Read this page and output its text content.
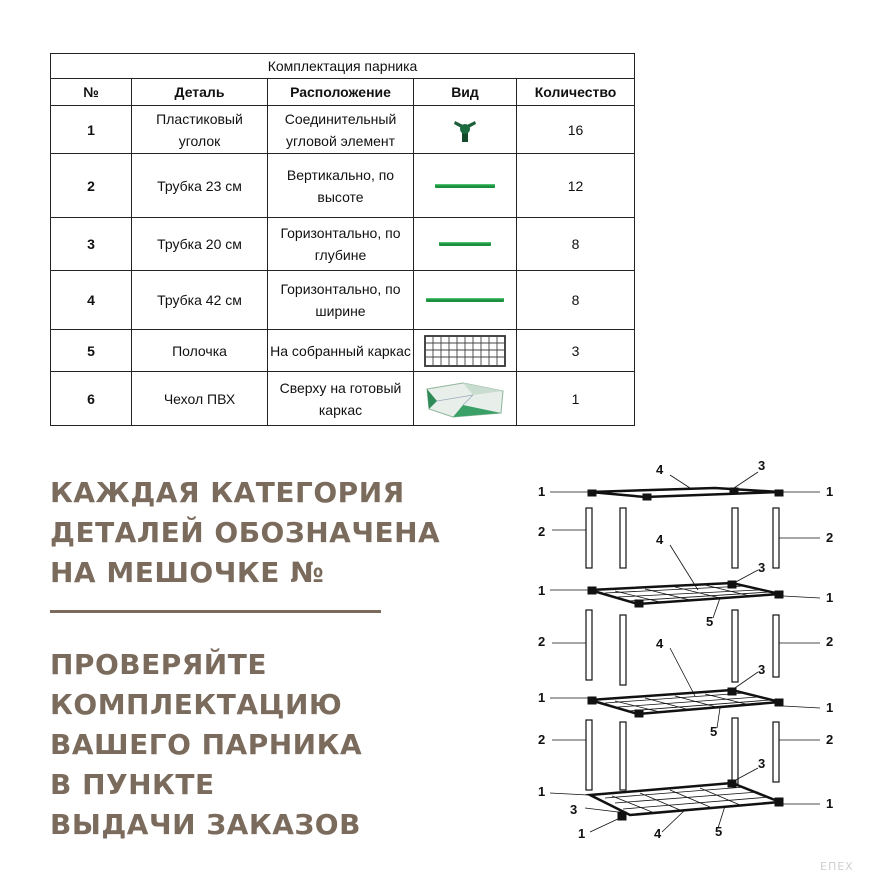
Комплектация парника				
№	Деталь	Расположение	Вид	Количество
1	Пластиковый уголок	Соединительный угловой элемент		16
2	Трубка 23 см	Вертикально, по высоте		12
3	Трубка 20 см	Горизонтально, по глубине		8
4	Трубка 42 см	Горизонтально, по ширине		8
5	Полочка	На собранный каркас		3
6	Чехол ПВХ	Сверху на готовый каркас		1
КАЖДАЯ КАТЕГОРИЯ
ДЕТАЛЕЙ ОБОЗНАЧЕНА
НА МЕШОЧКЕ №
ПРОВЕРЯЙТЕ
КОМПЛЕКТАЦИЮ
ВАШЕГО ПАРНИКА
В ПУНКТЕ
ВЫДАЧИ ЗАКАЗОВ
1	1
4	3
2	2
1	1
4
3
5
2	2
1
1
4
3
5
2	2
1
1
3
3
1	4	5
ЕПЕХ
